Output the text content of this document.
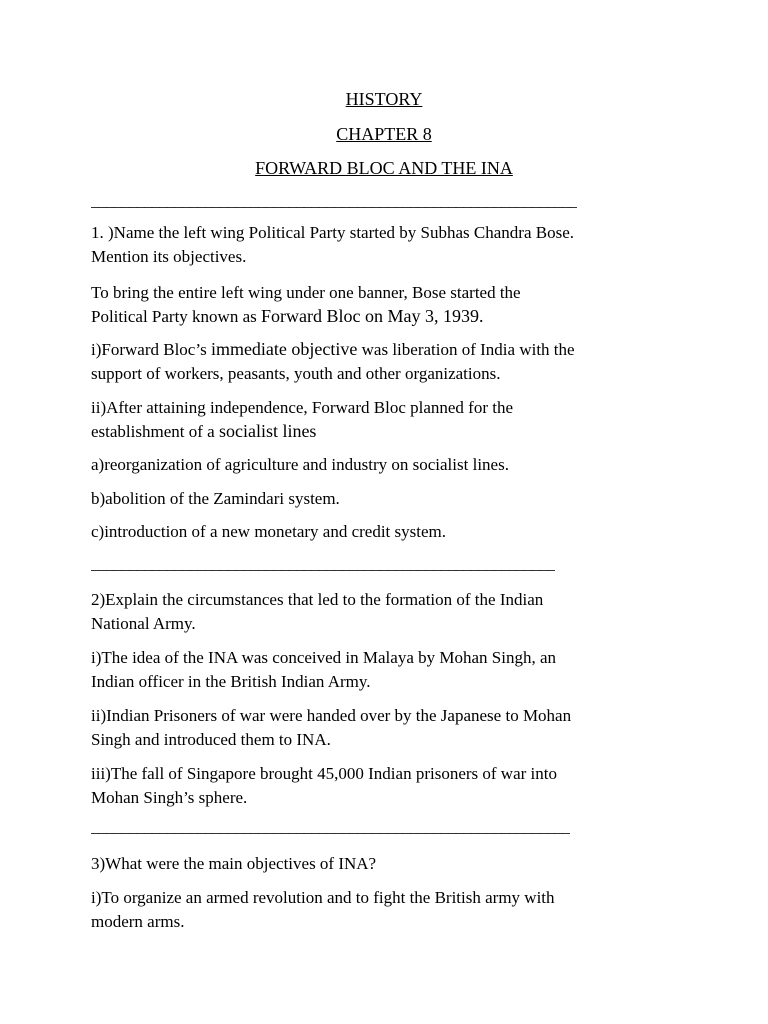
HISTORY
CHAPTER 8
FORWARD BLOC AND THE INA
________________________________________________________________
1. )Name the left wing Political Party started by Subhas Chandra Bose.
Mention its objectives.
To bring the entire left wing under one banner, Bose started the
Political Party known as Forward Bloc on May 3, 1939.
i)Forward Bloc’s immediate objective was liberation of India with the
support of workers, peasants, youth and other organizations.
ii)After attaining independence, Forward Bloc planned for the
establishment of a socialist lines
a)reorganization of agriculture and industry on socialist lines.
b)abolition of the Zamindari system.
c)introduction of a new monetary and credit system.
_____________________________________________________________
2)Explain the circumstances that led to the formation of the Indian
National Army.
i)The idea of the INA was conceived in Malaya by Mohan Singh, an
Indian officer in the British Indian Army.
ii)Indian Prisoners of war were handed over by the Japanese to Mohan
Singh and introduced them to INA.
iii)The fall of Singapore brought 45,000 Indian prisoners of war into
Mohan Singh’s sphere.
_______________________________________________________________
3)What were the main objectives of INA?
i)To organize an armed revolution and to fight the British army with
modern arms.
